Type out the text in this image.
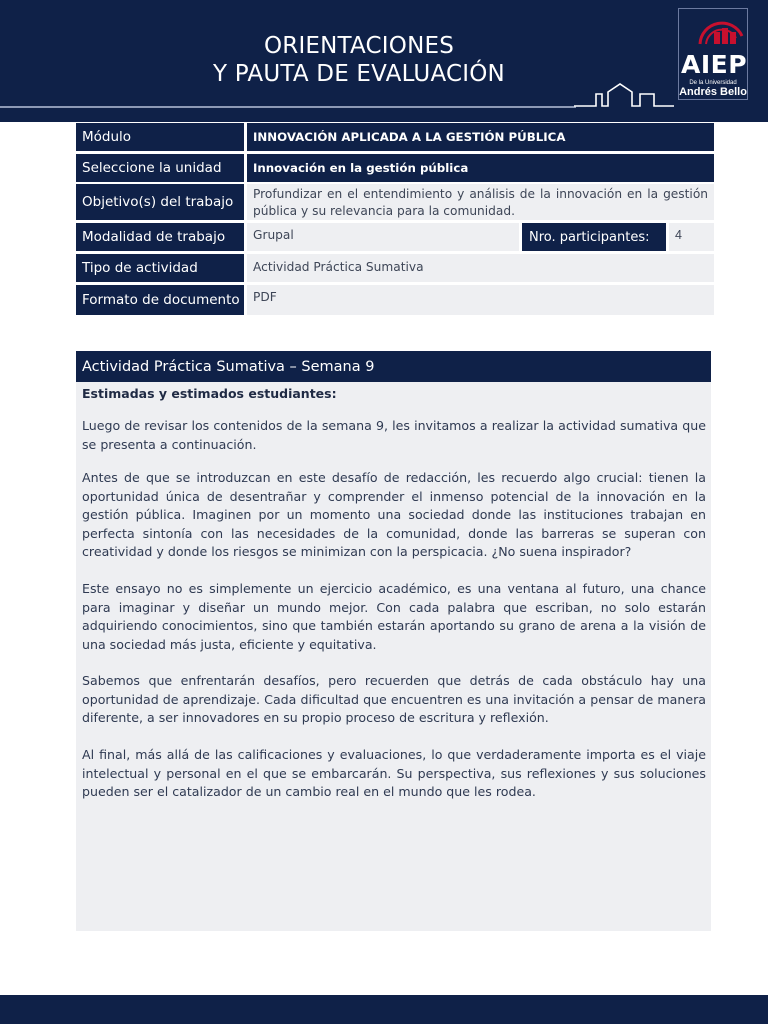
ORIENTACIONES
Y PAUTA DE EVALUACIÓN	AIEP
De la Universidad
Andrés Bello
Módulo	INNOVACIÓN APLICADA A LA GESTIÓN PÚBLICA
Seleccione la unidad	Innovación en la gestión pública
Objetivo(s) del trabajo	Profundizar en el entendimiento y análisis de la innovación en la gestión pública y su relevancia para la comunidad.
Modalidad de trabajo	Grupal	Nro. participantes:	4
Tipo de actividad	Actividad Práctica Sumativa
Formato de documento	PDF
Actividad Práctica Sumativa – Semana 9
Estimadas y estimados estudiantes:
Luego de revisar los contenidos de la semana 9, les invitamos a realizar la actividad sumativa que se presenta a continuación.
Antes de que se introduzcan en este desafío de redacción, les recuerdo algo crucial: tienen la oportunidad única de desentrañar y comprender el inmenso potencial de la innovación en la gestión pública. Imaginen por un momento una sociedad donde las instituciones trabajan en perfecta sintonía con las necesidades de la comunidad, donde las barreras se superan con creatividad y donde los riesgos se minimizan con la perspicacia. ¿No suena inspirador?
Este ensayo no es simplemente un ejercicio académico, es una ventana al futuro, una chance para imaginar y diseñar un mundo mejor. Con cada palabra que escriban, no solo estarán adquiriendo conocimientos, sino que también estarán aportando su grano de arena a la visión de una sociedad más justa, eficiente y equitativa.
Sabemos que enfrentarán desafíos, pero recuerden que detrás de cada obstáculo hay una oportunidad de aprendizaje. Cada dificultad que encuentren es una invitación a pensar de manera diferente, a ser innovadores en su propio proceso de escritura y reflexión.
Al final, más allá de las calificaciones y evaluaciones, lo que verdaderamente importa es el viaje intelectual y personal en el que se embarcarán. Su perspectiva, sus reflexiones y sus soluciones pueden ser el catalizador de un cambio real en el mundo que les rodea.
